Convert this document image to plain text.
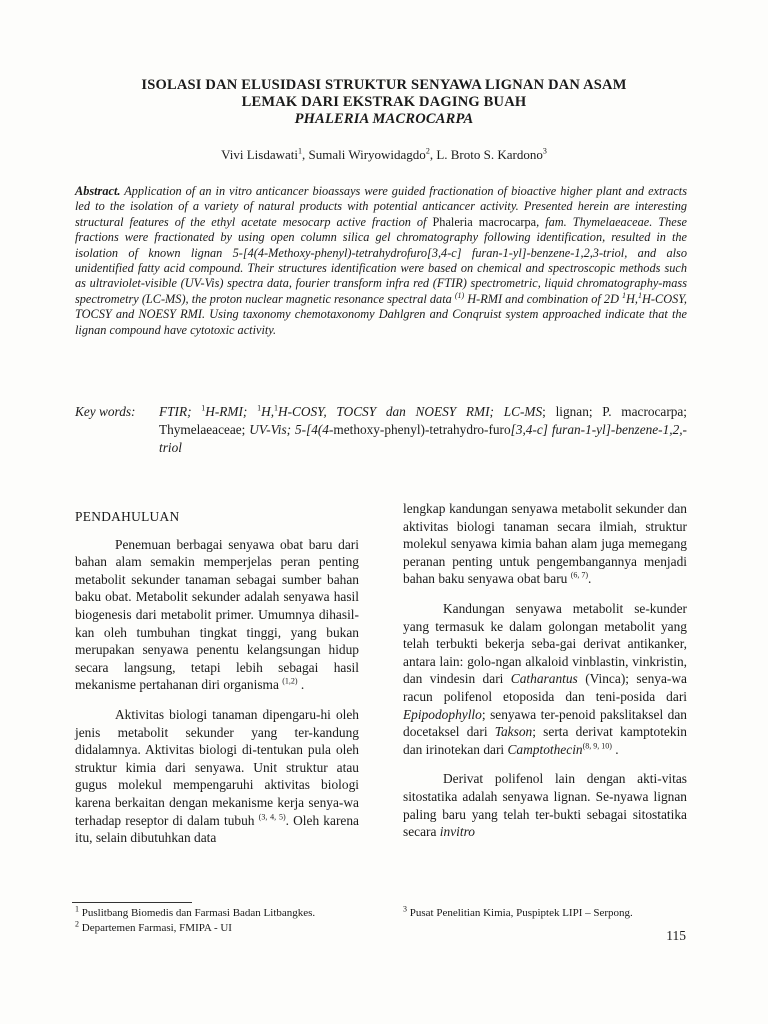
ISOLASI DAN ELUSIDASI STRUKTUR SENYAWA LIGNAN DAN ASAM
LEMAK DARI EKSTRAK DAGING BUAH
PHALERIA MACROCARPA
Vivi Lisdawati$^1$, Sumali Wiryowidagdo$^2$, L. Broto S. Kardono$^3$
Abstract. Application of an in vitro anticancer bioassays were guided fractionation of bioactive higher plant and extracts led to the isolation of a variety of natural products with potential anticancer activity. Presented herein are interesting structural features of the ethyl acetate mesocarp active fraction of Phaleria macrocarpa, fam. Thymelaeaceae. These fractions were fractionated by using open column silica gel chromatography following identification, resulted in the isolation of known lignan 5-[4(4-Methoxy-phenyl)-tetrahydrofuro[3,4-c] furan-1-yl]-benzene-1,2,3-triol, and also unidentified fatty acid compound. Their structures identification were based on chemical and spectroscopic methods such as ultraviolet-visible (UV-Vis) spectra data, fourier transform infra red (FTIR) spectrometric, liquid chromatography-mass spectrometry (LC-MS), the proton nuclear magnetic resonance spectral data $^{(1)}$ H-RMI and combination of 2D $^1$H,$^1$H-COSY, TOCSY and NOESY RMI. Using taxonomy chemotaxonomy Dahlgren and Conqruist system approached indicate that the lignan compound have cytotoxic activity.
Key words: FTIR; $^1$H-RMI; $^1$H,$^1$H-COSY, TOCSY dan NOESY RMI; LC-MS; lignan; P. macrocarpa; Thymelaeaceae; UV-Vis; 5-[4(4-methoxy-phenyl)-tetrahydro-furo[3,4-c] furan-1-yl]-benzene-1,2,-triol

PENDAHULUAN

Penemuan berbagai senyawa obat baru dari bahan alam semakin memperjelas peran penting metabolit sekunder tanaman sebagai sumber bahan baku obat. Metabolit sekunder adalah senyawa hasil biogenesis dari metabolit primer. Umumnya dihasil-kan oleh tumbuhan tingkat tinggi, yang bukan merupakan senyawa penentu kelangsungan hidup secara langsung, tetapi lebih sebagai hasil mekanisme pertahanan diri organisma $^{(1,2)}$ .

Aktivitas biologi tanaman dipengaru-hi oleh jenis metabolit sekunder yang ter-kandung didalamnya. Aktivitas biologi di-tentukan pula oleh struktur kimia dari senyawa. Unit struktur atau gugus molekul mempengaruhi aktivitas biologi karena berkaitan dengan mekanisme kerja senya-wa terhadap reseptor di dalam tubuh $^{(3, 4, 5)}$. Oleh karena itu, selain dibutuhkan data

lengkap kandungan senyawa metabolit sekunder dan aktivitas biologi tanaman secara ilmiah, struktur molekul senyawa kimia bahan alam juga memegang peranan penting untuk pengembangannya menjadi bahan baku senyawa obat baru $^{(6, 7)}$.

Kandungan senyawa metabolit se-kunder yang termasuk ke dalam golongan metabolit yang telah terbukti bekerja seba-gai derivat antikanker, antara lain: golo-ngan alkaloid vinblastin, vinkristin, dan vindesin dari Catharantus (Vinca); senya-wa racun polifenol etoposida dan teni-posida dari Epipodophyllo; senyawa ter-penoid pakslitaksel dan docetaksel dari Takson; serta derivat kamptotekin dan irinotekan dari Camptothecin$^{(8, 9, 10)}$ .

Derivat polifenol lain dengan akti-vitas sitostatika adalah senyawa lignan. Se-nyawa lignan paling baru yang telah ter-bukti sebagai sitostatika secara invitro

$^1$ Puslitbang Biomedis dan Farmasi Badan Litbangkes.
$^2$ Departemen Farmasi, FMIPA - UI
$^3$ Pusat Penelitian Kimia, Puspiptek LIPI – Serpong.
115
